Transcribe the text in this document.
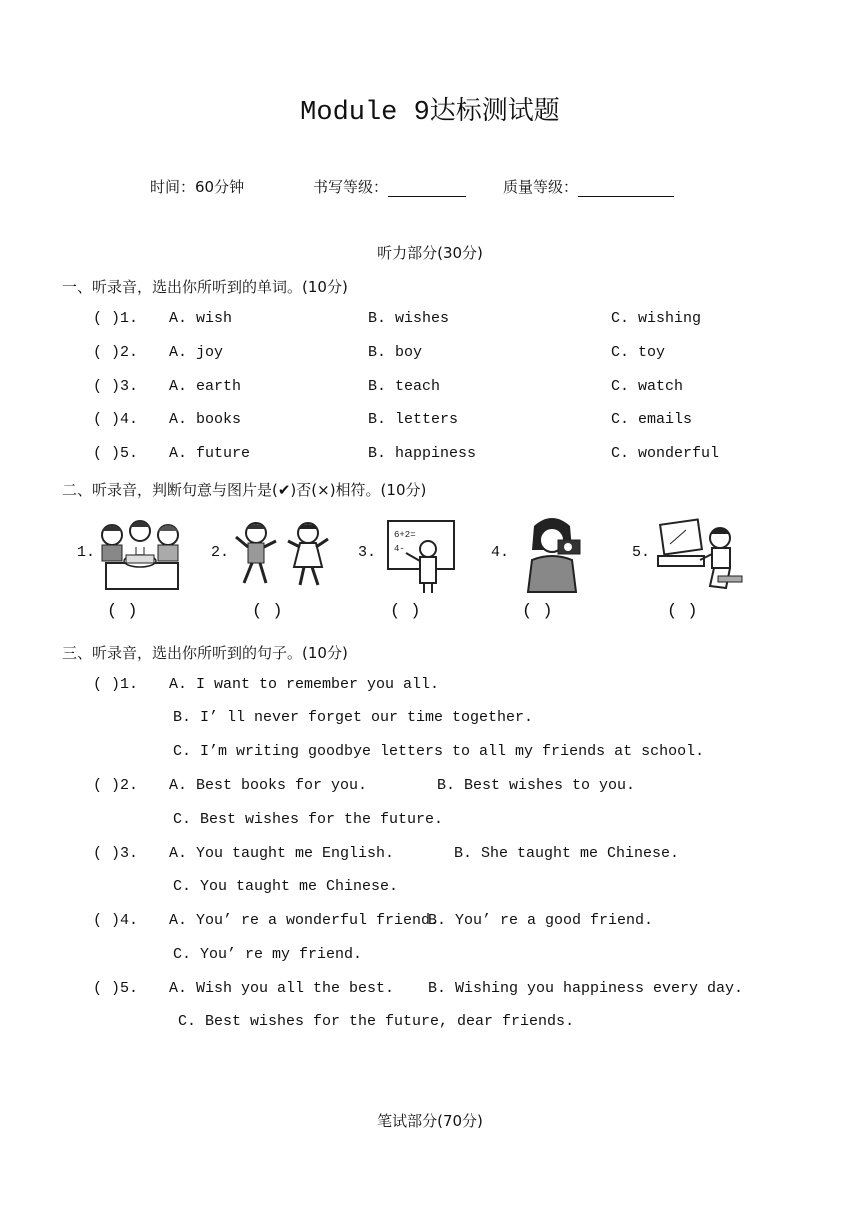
Module 9达标测试题
时间：60分钟	书写等级：	质量等级：
听力部分(30分)
一、听录音，选出你所听到的单词。(10分)
( )1. A. wish	B. wishes	C. wishing
( )2. A. joy	B. boy	C. toy
( )3. A. earth	B. teach	C. watch
( )4. A. books	B. letters	C. emails
( )5. A. future	B. happiness	C. wonderful
二、听录音，判断句意与图片是(✔)否(×)相符。(10分)
1.
( )
2.
( )
3.
6+2=
4-
( )
4.
( )
5.
( )
三、听录音，选出你所听到的句子。(10分)
( )1. A. I want to remember you all.
B. I’ ll never forget our time together.
C. I’m writing goodbye letters to all my friends at school.
( )2. A. Best books for you.	B. Best wishes to you.
C. Best wishes for the future.
( )3. A. You taught me English.	B. She taught me Chinese.
C. You taught me Chinese.
( )4. A. You’ re a wonderful friend.
B. You’ re a good friend.
C. You’ re my friend.
( )5. A. Wish you all the best. B. Wishing you happiness every day.
C. Best wishes for the future, dear friends.
笔试部分(70分)
